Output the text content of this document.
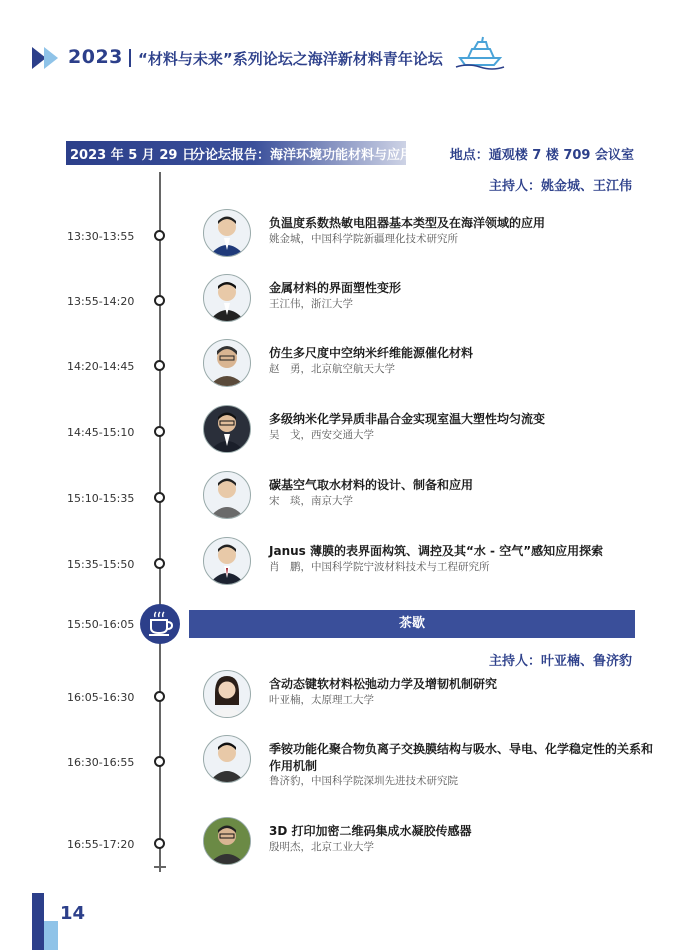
2023 “材料与未来”系列论坛之海洋新材料青年论坛
2023 年 5 月 29 日
分论坛报告：海洋环境功能材料与应用	地点：遁观楼 7 楼 709 会议室
主持人：姚金城、王江伟
主持人：叶亚楠、鲁济豹
13:30-13:55
负温度系数热敏电阻器基本类型及在海洋领域的应用
姚金城，中国科学院新疆理化技术研究所
13:55-14:20
金属材料的界面塑性变形
王江伟，浙江大学
14:20-14:45
仿生多尺度中空纳米纤维能源催化材料
赵　勇，北京航空航天大学
14:45-15:10
多级纳米化学异质非晶合金实现室温大塑性均匀流变
吴　戈，西安交通大学
15:10-15:35
碳基空气取水材料的设计、制备和应用
宋　琰，南京大学
15:35-15:50
Janus 薄膜的表界面构筑、调控及其“水 - 空气”感知应用探索
肖　鹏，中国科学院宁波材料技术与工程研究所
15:50-16:05	茶歇
16:05-16:30
含动态键软材料松弛动力学及增韧机制研究
叶亚楠，太原理工大学
16:30-16:55
季铵功能化聚合物负离子交换膜结构与吸水、导电、化学稳定性的关系和作用机制
鲁济豹，中国科学院深圳先进技术研究院
16:55-17:20
3D 打印加密二维码集成水凝胶传感器
殷明杰，北京工业大学
14
